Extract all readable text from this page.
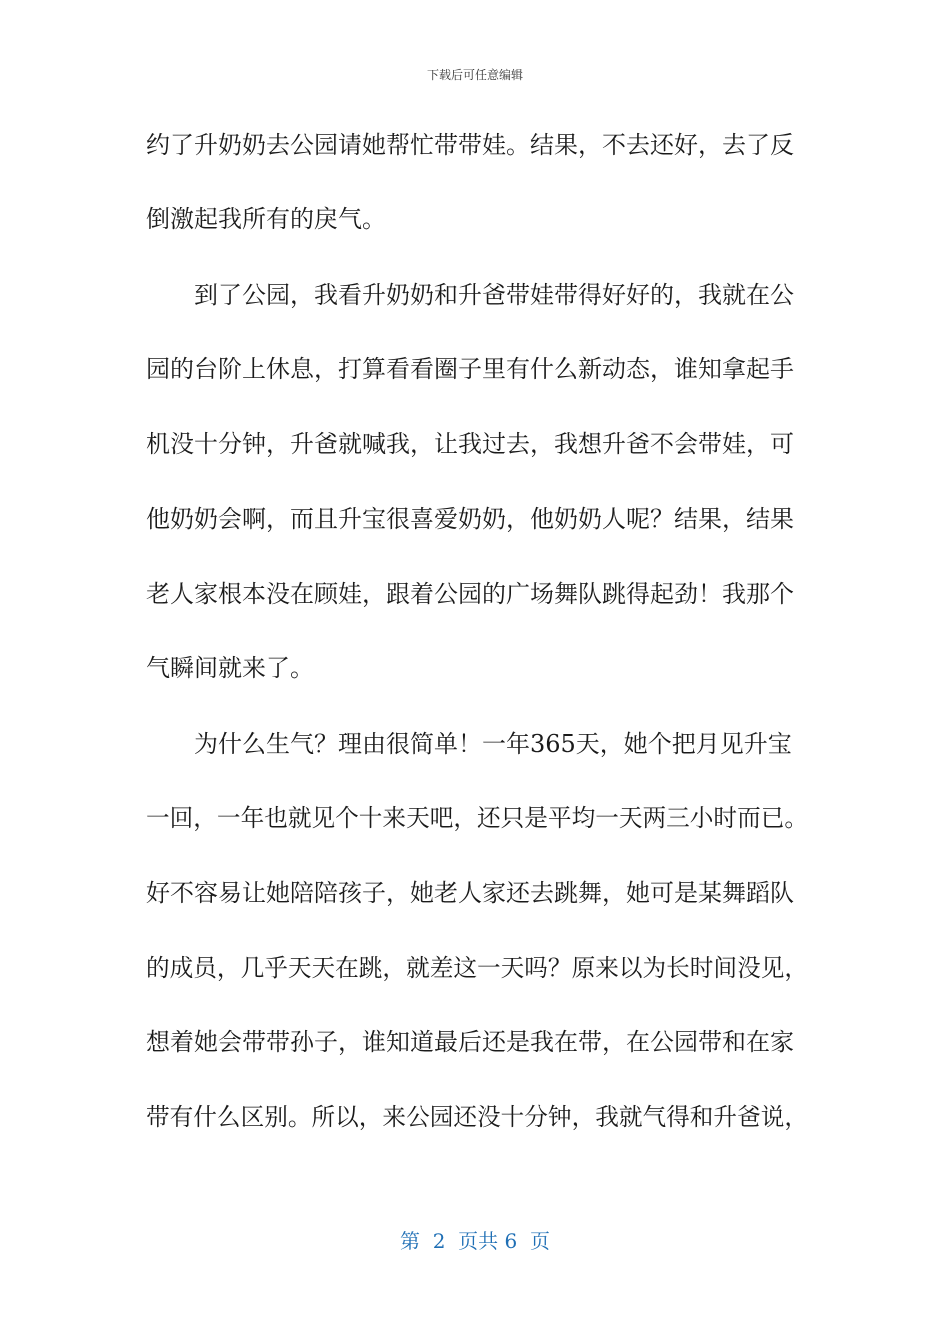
下载后可任意编辑
约了升奶奶去公园请她帮忙带带娃。结果，不去还好，去了反
倒激起我所有的戾气。
到了公园，我看升奶奶和升爸带娃带得好好的，我就在公
园的台阶上休息，打算看看圈子里有什么新动态，谁知拿起手
机没十分钟，升爸就喊我，让我过去，我想升爸不会带娃，可
他奶奶会啊，而且升宝很喜爱奶奶，他奶奶人呢？结果，结果
老人家根本没在顾娃，跟着公园的广场舞队跳得起劲！我那个
气瞬间就来了。
为什么生气？理由很简单！一年365天，她个把月见升宝
一回，一年也就见个十来天吧，还只是平均一天两三小时而已。
好不容易让她陪陪孩子，她老人家还去跳舞，她可是某舞蹈队
的成员，几乎天天在跳，就差这一天吗？原来以为长时间没见，
想着她会带带孙子，谁知道最后还是我在带，在公园带和在家
带有什么区别。所以，来公园还没十分钟，我就气得和升爸说，
第  2  页共 6  页
